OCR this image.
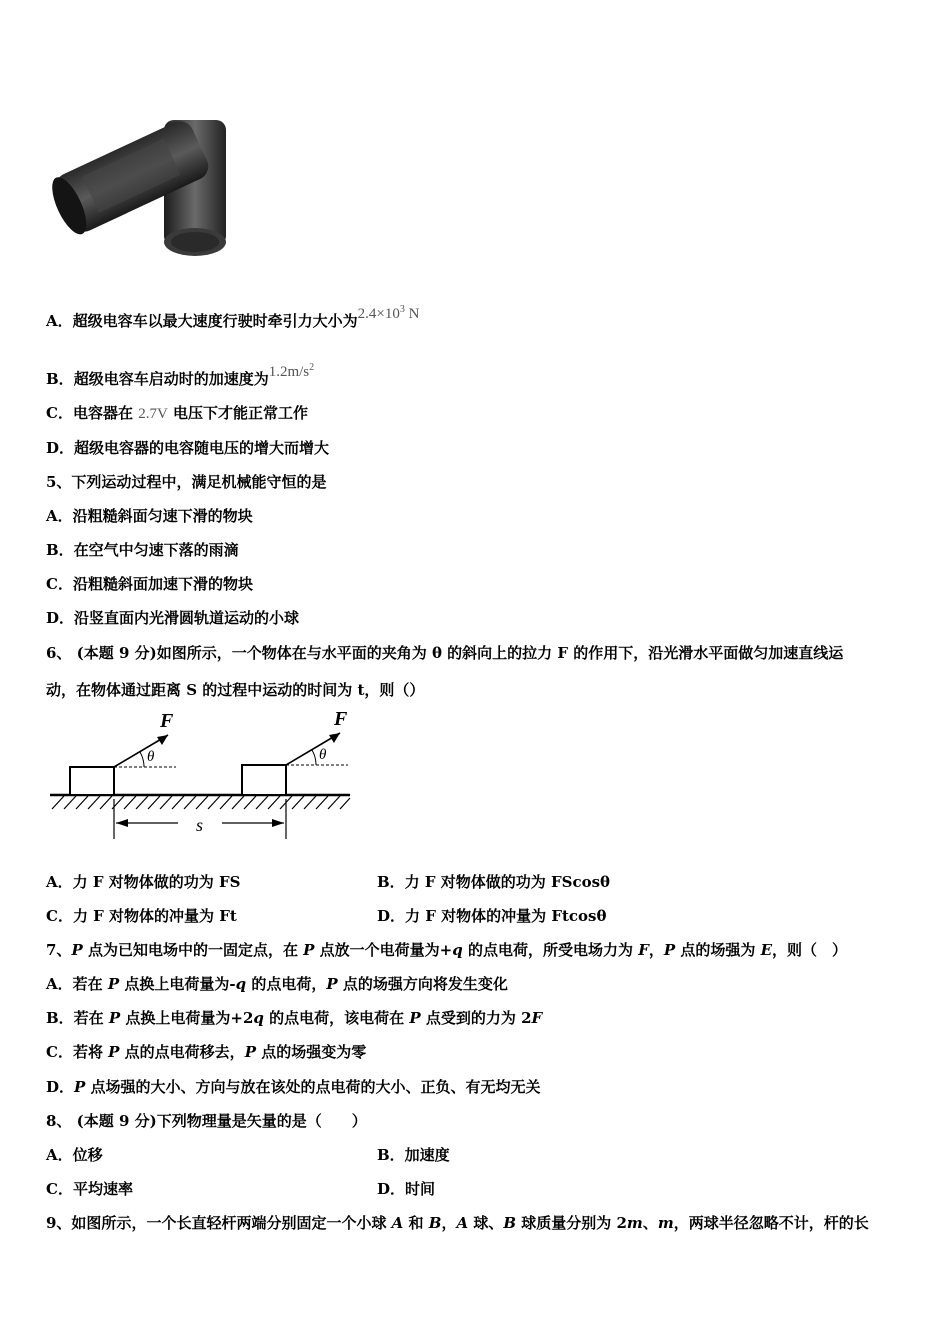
A．超级电容车以最大速度行驶时牵引力大小为$2.4\times 10^3$ N
B．超级电容车启动时的加速度为$1.2m/s^2$
C．电容器在 2.7V 电压下才能正常工作
D．超级电容器的电容随电压的增大而增大
5、下列运动过程中，满足机械能守恒的是
A．沿粗糙斜面匀速下滑的物块
B．在空气中匀速下落的雨滴
C．沿粗糙斜面加速下滑的物块
D．沿竖直面内光滑圆轨道运动的小球
6、 (本题 9 分)如图所示，一个物体在与水平面的夹角为 θ 的斜向上的拉力 F 的作用下，沿光滑水平面做匀加速直线运
动，在物体通过距离 S 的过程中运动的时间为 t，则（）
F
θ
F
θ
s
A．力 F 对物体做的功为 FS	B．力 F 对物体做的功为 FScosθ
C．力 F 对物体的冲量为 Ft	D．力 F 对物体的冲量为 Ftcosθ
7、P 点为已知电场中的一固定点，在 P 点放一个电荷量为+q 的点电荷，所受电场力为 F，P 点的场强为 E，则（　）
A．若在 P 点换上电荷量为-q 的点电荷，P 点的场强方向将发生变化
B．若在 P 点换上电荷量为+2q 的点电荷，该电荷在 P 点受到的力为 2F
C．若将 P 点的点电荷移去，P 点的场强变为零
D．P 点场强的大小、方向与放在该处的点电荷的大小、正负、有无均无关
8、 (本题 9 分)下列物理量是矢量的是（　　）
A．位移	B．加速度
C．平均速率	D．时间
9、如图所示，一个长直轻杆两端分别固定一个小球 A 和 B，A 球、B 球质量分别为 2m、m，两球半径忽略不计，杆的长
